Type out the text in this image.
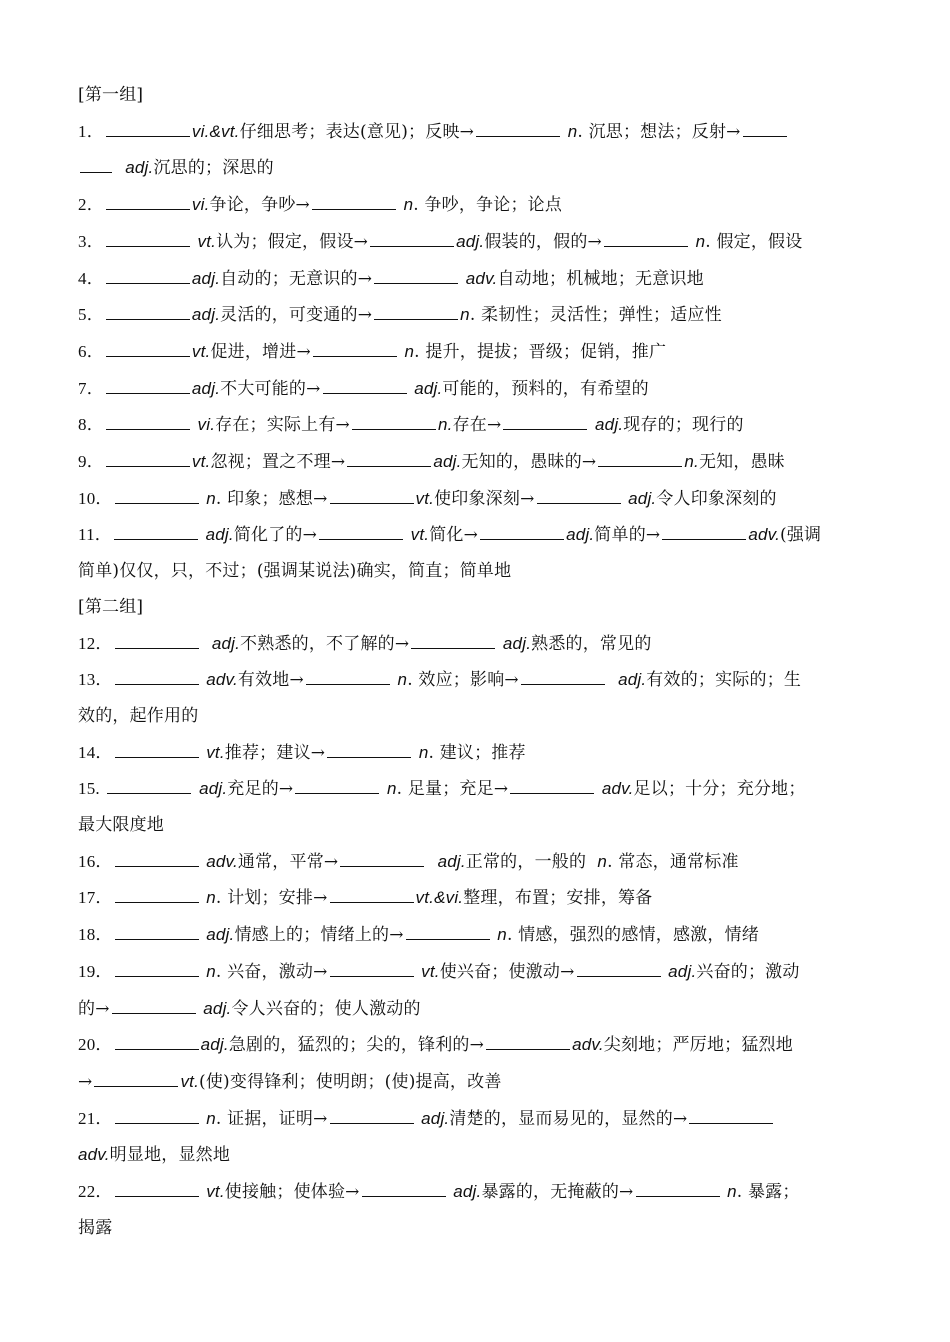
[第一组]
1．	vi.&vt.仔细思考；表达(意见)；反映→	n. 沉思；想法；反射→
adj.沉思的；深思的
2．	vi.争论，争吵→	n. 争吵，争论；论点
3．	vt.认为；假定，假设→	adj.假装的，假的→	n. 假定，假设
4．	adj.自动的；无意识的→	adv.自动地；机械地；无意识地
5．	adj.灵活的，可变通的→	n. 柔韧性；灵活性；弹性；适应性
6．	vt.促进，增进→	n. 提升，提拔；晋级；促销，推广
7．	adj.不大可能的→	adj.可能的，预料的，有希望的
8．	vi.存在；实际上有→	n.存在→	adj.现存的；现行的
9．	vt.忽视；置之不理→	adj.无知的，愚昧的→	n.无知，愚昧
10．	n. 印象；感想→	vt.使印象深刻→	adj.令人印象深刻的
11．	adj.简化了的→	vt.简化→	adj.简单的→	adv.(强调
简单)仅仅，只，不过；(强调某说法)确实，简直；简单地
[第二组]
12．	adj.不熟悉的，不了解的→	adj.熟悉的，常见的
13．	adv.有效地→	n. 效应；影响→	adj.有效的；实际的；生
效的，起作用的
14．	vt.推荐；建议→	n. 建议；推荐
15.	adj.充足的→	n. 足量；充足→	adv.足以；十分；充分地；
最大限度地
16．	adv.通常，平常→	adj.正常的，一般的 n. 常态，通常标准
17．	n. 计划；安排→	vt.&vi.整理，布置；安排，筹备
18．	adj.情感上的；情绪上的→	n. 情感，强烈的感情，感激，情绪
19．	n. 兴奋，激动→	vt.使兴奋；使激动→	adj.兴奋的；激动
的→	adj.令人兴奋的；使人激动的
20．	adj.急剧的，猛烈的；尖的，锋利的→	adv.尖刻地；严厉地；猛烈地
→	vt.(使)变得锋利；使明朗；(使)提高，改善
21．	n. 证据，证明→	adj.清楚的，显而易见的，显然的→
adv.明显地，显然地
22．	vt.使接触；使体验→	adj.暴露的，无掩蔽的→	n. 暴露；
揭露
